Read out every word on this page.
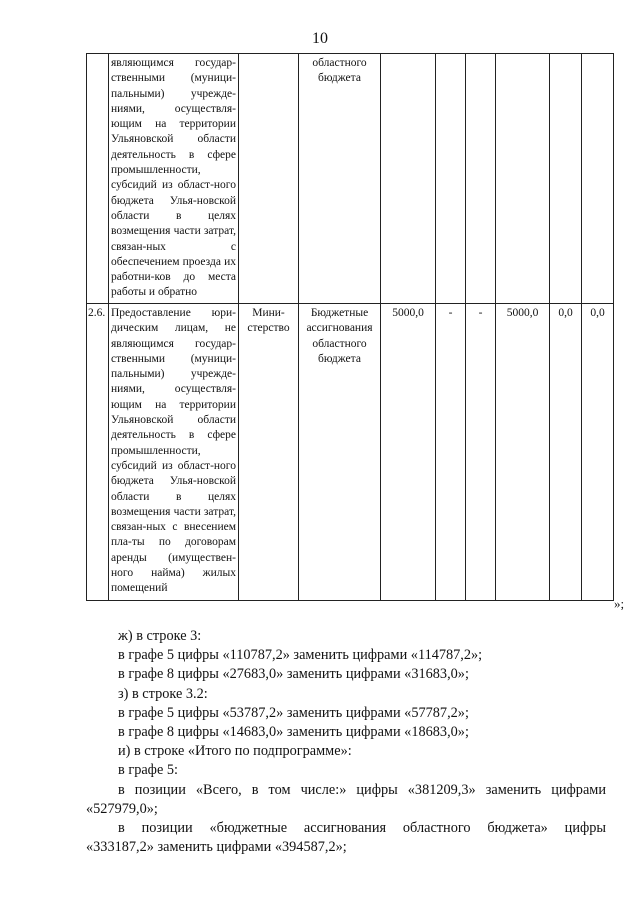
10
	являющимся государ-ственными (муници-пальными) учрежде-ниями, осуществля-ющим на территории Ульяновской области деятельность в сфере промышленности, субсидий из област-ного бюджета Улья-новской области в целях возмещения части затрат, связан-ных с обеспечением проезда их работни-ков до места работы и обратно		областного бюджета						
2.6.	Предоставление юри-дическим лицам, не являющимся государ-ственными (муници-пальными) учрежде-ниями, осуществля-ющим на территории Ульяновской области деятельность в сфере промышленности, субсидий из област-ного бюджета Улья-новской области в целях возмещения части затрат, связан-ных с внесением пла-ты по договорам аренды (имуществен-ного найма) жилых помещений	Мини-стерство	Бюджетные ассигнования областного бюджета	5000,0	-	-	5000,0	0,0	0,0
»;
ж) в строке 3:
в графе 5 цифры «110787,2» заменить цифрами «114787,2»;
в графе 8 цифры «27683,0» заменить цифрами «31683,0»;
з) в строке 3.2:
в графе 5 цифры «53787,2» заменить цифрами «57787,2»;
в графе 8 цифры «14683,0» заменить цифрами «18683,0»;
и) в строке «Итого по подпрограмме»:
в графе 5:
в позиции «Всего, в том числе:» цифры «381209,3» заменить цифрами
«527979,0»;
в позиции «бюджетные ассигнования областного бюджета» цифры
«333187,2» заменить цифрами «394587,2»;
